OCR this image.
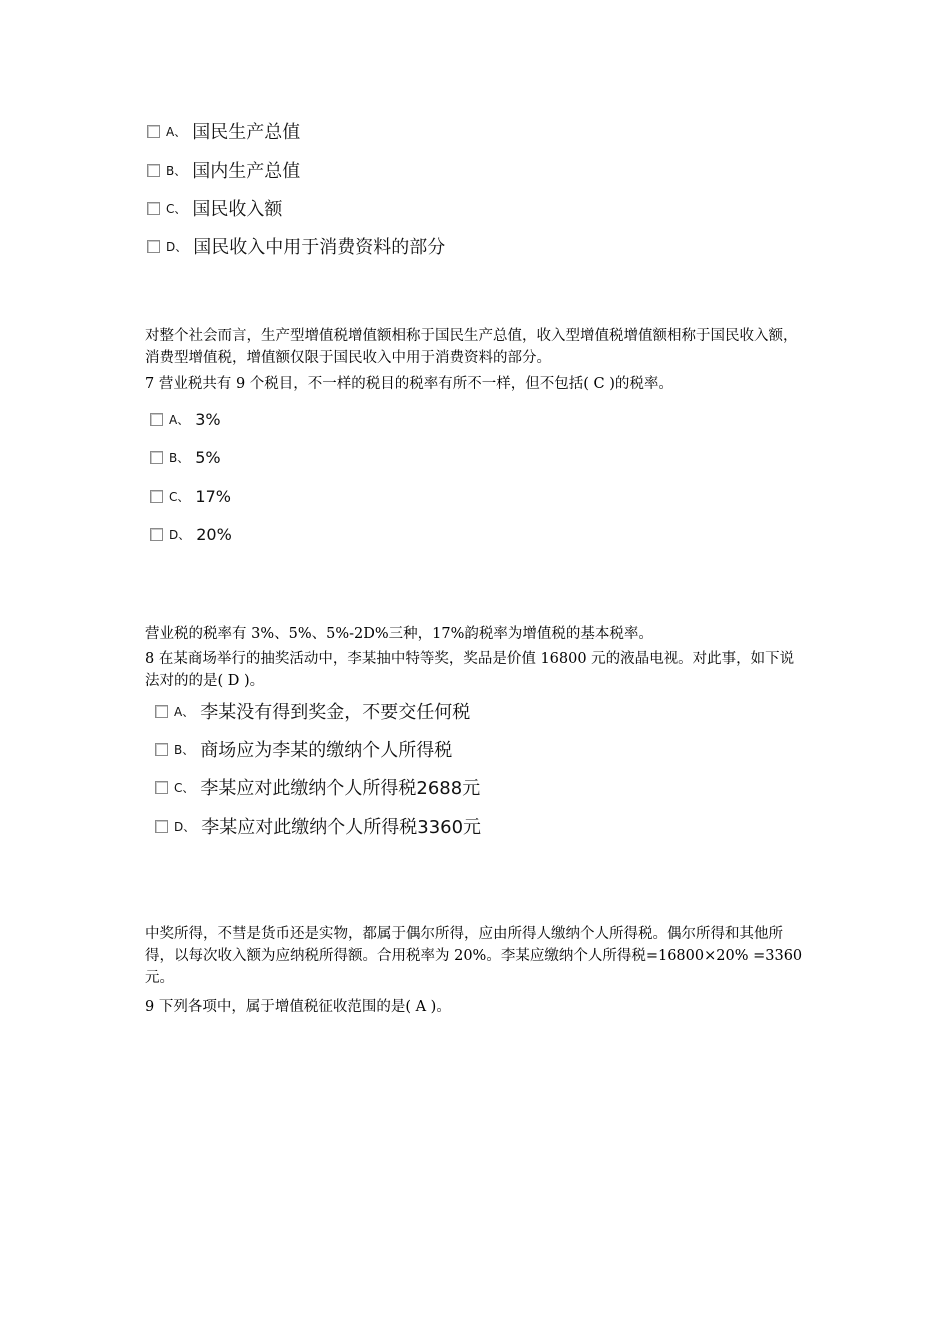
A、 国民生产总值
B、 国内生产总值
C、 国民收入额
D、 国民收入中用于消费资料的部分

对整个社会而言，生产型增值税增值额相称于国民生产总值，收入型增值税增值额相称于国民收入额，消费型增值税，增值额仅限于国民收入中用于消费资料的部分。

7 营业税共有 9 个税目，不一样的税目的税率有所不一样，但不包括( C )的税率。

A、 3%
B、 5%
C、 17%
D、 20%

营业税的税率有 3%、5%、5%-2D%三种，17%韵税率为增值税的基本税率。

8 在某商场举行的抽奖活动中，李某抽中特等奖，奖品是价值 16800 元的液晶电视。对此事，如下说法对的的是( D )。

A、 李某没有得到奖金，不要交任何税
B、 商场应为李某的缴纳个人所得税
C、 李某应对此缴纳个人所得税2688元
D、 李某应对此缴纳个人所得税3360元

中奖所得，不彗是货币还是实物，都属于偶尔所得，应由所得人缴纳个人所得税。偶尔所得和其他所得，以每次收入额为应纳税所得额。合用税率为 20%。李某应缴纳个人所得税=16800×20% =3360 元。

9 下列各项中，属于增值税征收范围的是( A )。
